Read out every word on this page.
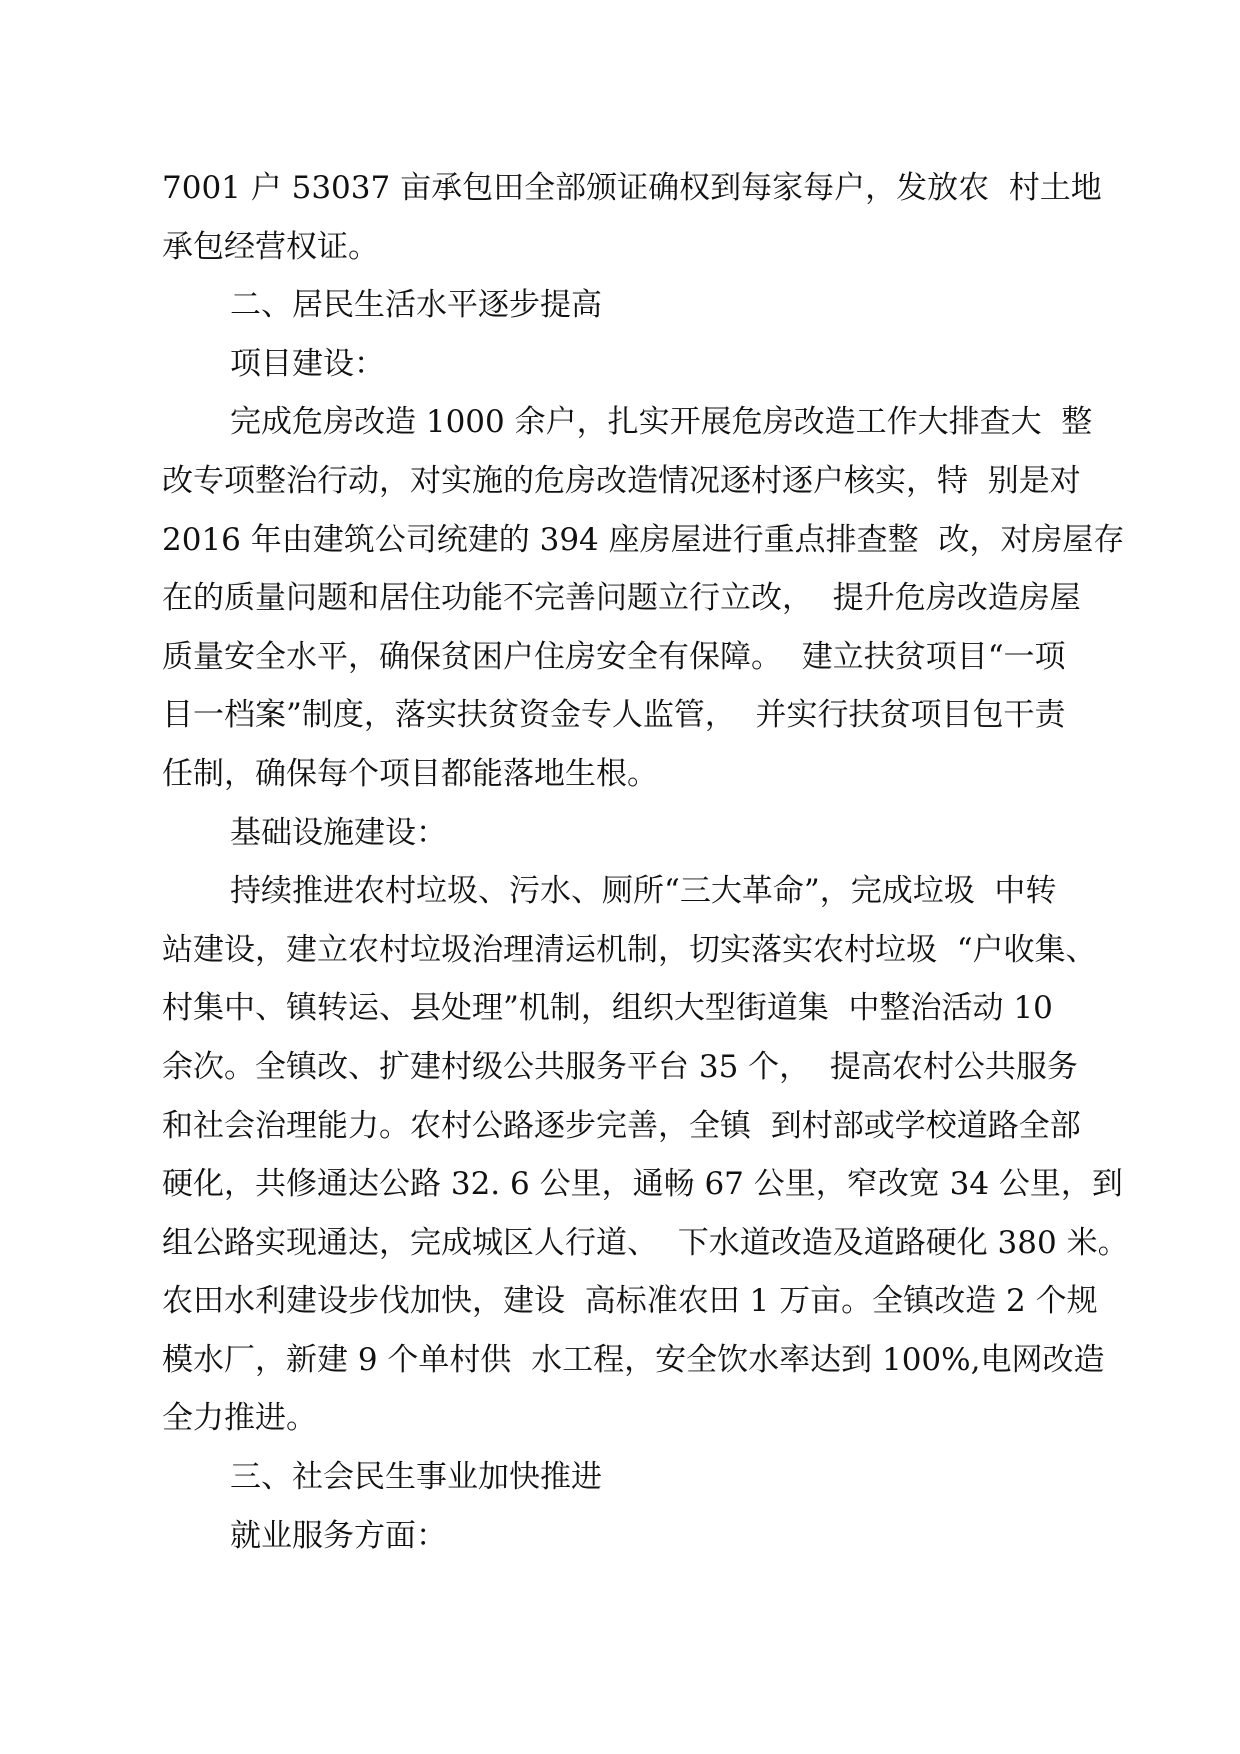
7001 户 53037 亩承包田全部颁证确权到每家每户，发放农  村土地
承包经营权证。
二、居民生活水平逐步提高
项目建设：
完成危房改造 1000 余户，扎实开展危房改造工作大排查大  整
改专项整治行动，对实施的危房改造情况逐村逐户核实，特  别是对
2016 年由建筑公司统建的 394 座房屋进行重点排查整  改，对房屋存
在的质量问题和居住功能不完善问题立行立改，  提升危房改造房屋
质量安全水平，确保贫困户住房安全有保障。  建立扶贫项目“一项
目一档案”制度，落实扶贫资金专人监管，  并实行扶贫项目包干责
任制，确保每个项目都能落地生根。
基础设施建设：
持续推进农村垃圾、污水、厕所“三大革命”，完成垃圾  中转
站建设，建立农村垃圾治理清运机制，切实落实农村垃圾  “户收集、
村集中、镇转运、县处理”机制，组织大型街道集  中整治活动 10
余次。全镇改、扩建村级公共服务平台 35 个，  提高农村公共服务
和社会治理能力。农村公路逐步完善，全镇  到村部或学校道路全部
硬化，共修通达公路 32. 6 公里，通畅 67 公里，窄改宽 34 公里，到
组公路实现通达，完成城区人行道、  下水道改造及道路硬化 380 米。
农田水利建设步伐加快，建设  高标准农田 1 万亩。全镇改造 2 个规
模水厂，新建 9 个单村供  水工程，安全饮水率达到 100%,电网改造
全力推进。
三、社会民生事业加快推进
就业服务方面：
